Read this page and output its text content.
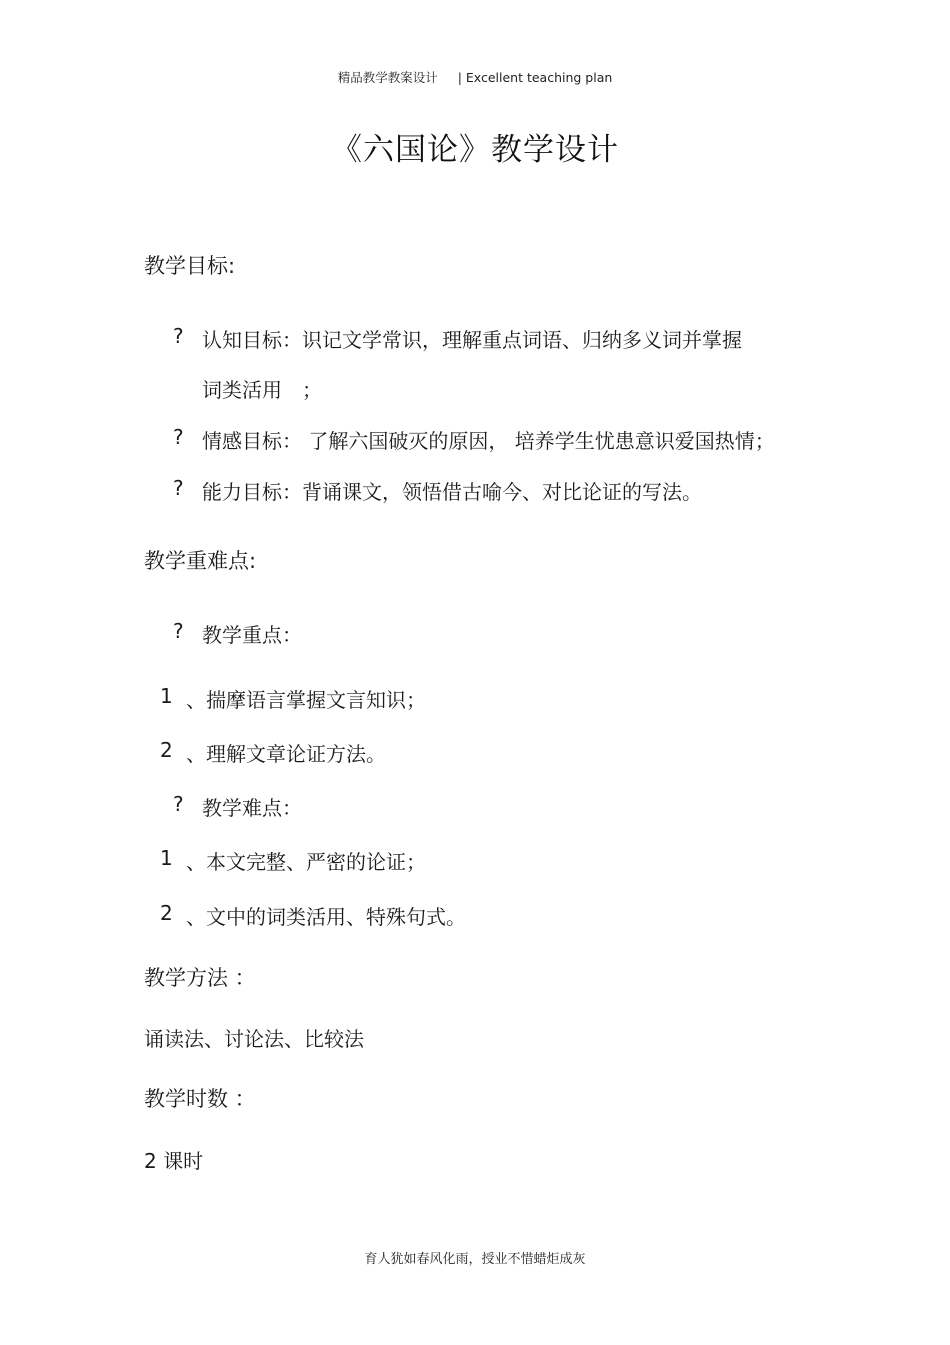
精品教学教案设计 | Excellent teaching plan
《六国论》教学设计
教学目标:
? 认知目标：识记文学常识，理解重点词语、归纳多义词并掌握
词类活用　；
? 情感目标： 了解六国破灭的原因， 培养学生忧患意识爱国热情；
? 能力目标：背诵课文，领悟借古喻今、对比论证的写法。
教学重难点:
? 教学重点：
1 、揣摩语言掌握文言知识；
2 、理解文章论证方法。
? 教学难点：
1 、本文完整、严密的论证；
2 、文中的词类活用、特殊句式。
教学方法 ：
诵读法、讨论法、比较法
教学时数 ：
2 课时
育人犹如春风化雨，授业不惜蜡炬成灰
